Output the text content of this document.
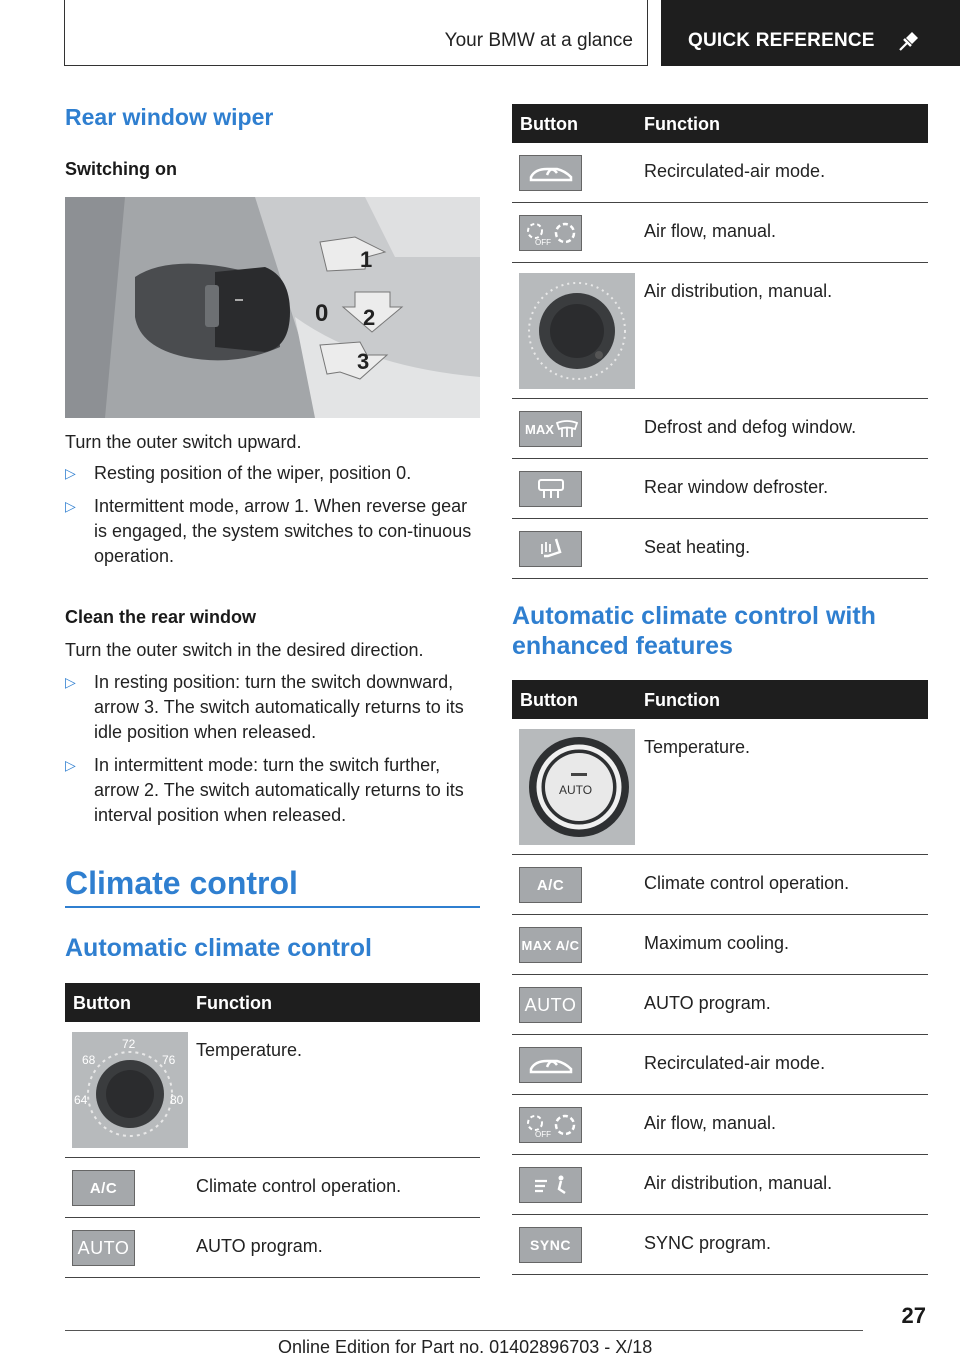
Your BMW at a glance	QUICK REFERENCE
Rear window wiper
Switching on
1
0 2
3
Turn the outer switch upward.
▷	Resting position of the wiper, position 0.
▷	Intermittent mode, arrow 1. When reverse gear is engaged, the system switches to con-tinuous operation.
Clean the rear window
Turn the outer switch in the desired direction.
▷	In resting position: turn the switch downward, arrow 3. The switch automatically returns to its idle position when released.
▷	In intermittent mode: turn the switch further, arrow 2. The switch automatically returns to its interval position when released.
Climate control
Automatic climate control
Button	Function
72
68	76
64	80
Temperature.
A/C	Climate control operation.
AUTO	AUTO program.
Button	Function
Recirculated-air mode.
OFF
Air flow, manual.
Air distribution, manual.
MAX	Defrost and defog window.
Rear window defroster.
Seat heating.
Automatic climate control with
enhanced features
Button	Function
AUTO
Temperature.
A/C	Climate control operation.
MAX A/C	Maximum cooling.
AUTO	AUTO program.
Recirculated-air mode.
OFF
Air flow, manual.
Air distribution, manual.
SYNC	SYNC program.
27
Online Edition for Part no. 01402896703 - X/18
